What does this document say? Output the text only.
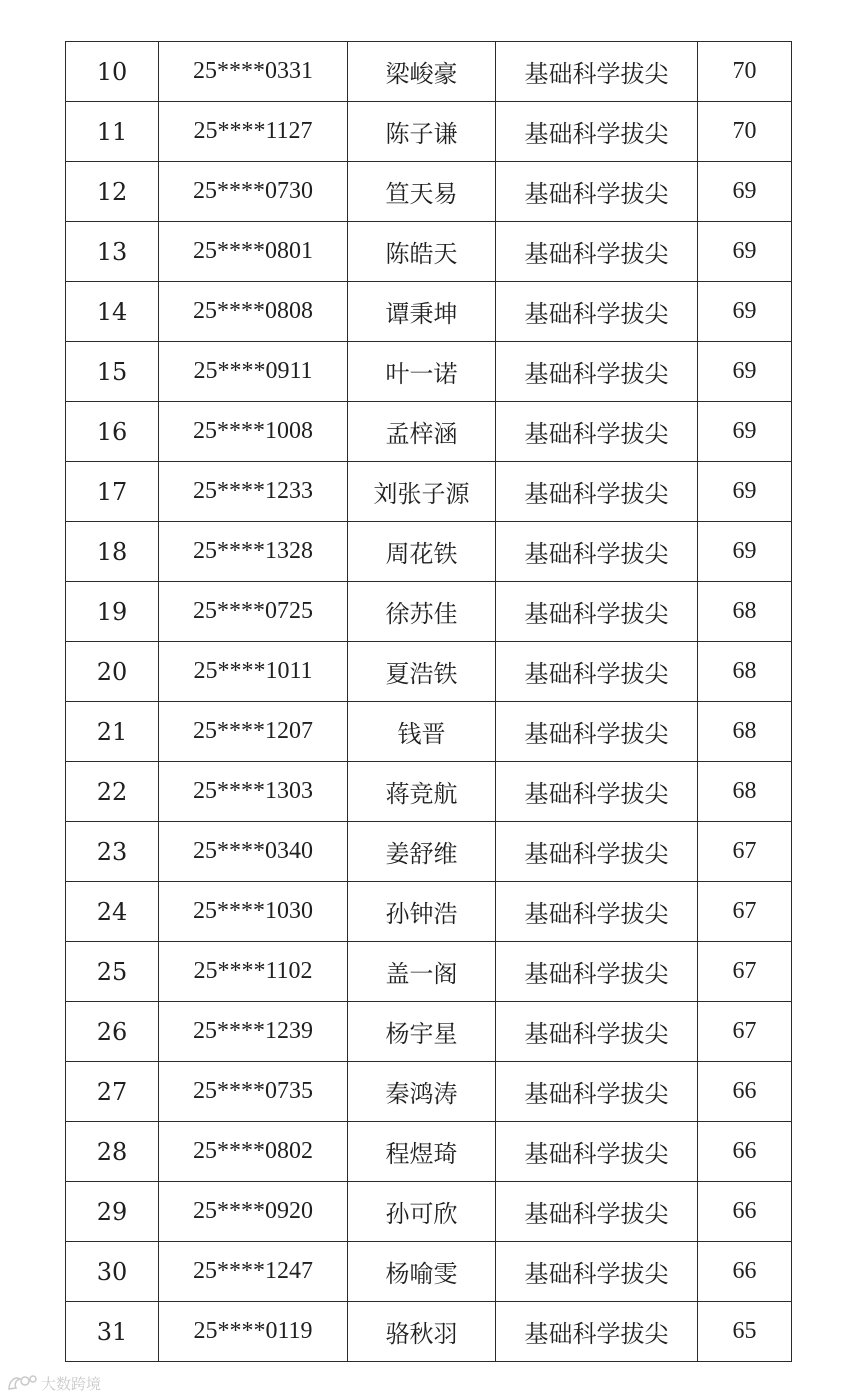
10	25****0331	梁峻豪	基础科学拔尖	70
11	25****1127	陈子谦	基础科学拔尖	70
12	25****0730	笪天易	基础科学拔尖	69
13	25****0801	陈皓天	基础科学拔尖	69
14	25****0808	谭秉坤	基础科学拔尖	69
15	25****0911	叶一诺	基础科学拔尖	69
16	25****1008	孟梓涵	基础科学拔尖	69
17	25****1233	刘张子源	基础科学拔尖	69
18	25****1328	周花铁	基础科学拔尖	69
19	25****0725	徐苏佳	基础科学拔尖	68
20	25****1011	夏浩铁	基础科学拔尖	68
21	25****1207	钱晋	基础科学拔尖	68
22	25****1303	蒋竞航	基础科学拔尖	68
23	25****0340	姜舒维	基础科学拔尖	67
24	25****1030	孙钟浩	基础科学拔尖	67
25	25****1102	盖一阁	基础科学拔尖	67
26	25****1239	杨宇星	基础科学拔尖	67
27	25****0735	秦鸿涛	基础科学拔尖	66
28	25****0802	程煜琦	基础科学拔尖	66
29	25****0920	孙可欣	基础科学拔尖	66
30	25****1247	杨喻雯	基础科学拔尖	66
31	25****0119	骆秋羽	基础科学拔尖	65
大数跨境
